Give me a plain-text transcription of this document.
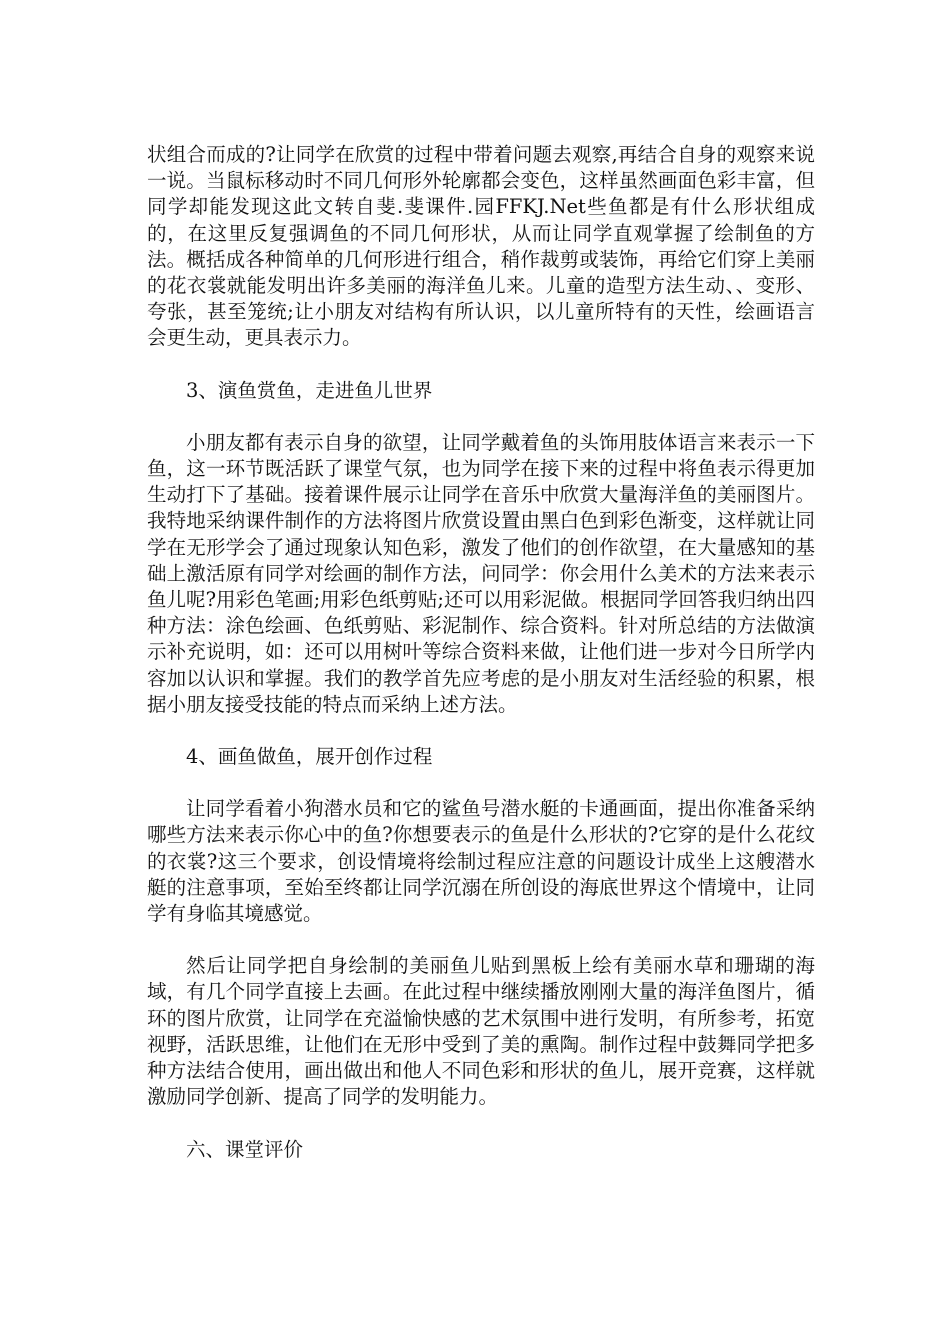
状组合而成的?让同学在欣赏的过程中带着问题去观察,再结合自身的观察来说一说。当鼠标移动时不同几何形外轮廓都会变色，这样虽然画面色彩丰富，但同学却能发现这此文转自斐.斐课件.园FFKJ.Net些鱼都是有什么形状组成的，在这里反复强调鱼的不同几何形状，从而让同学直观掌握了绘制鱼的方法。概括成各种简单的几何形进行组合，稍作裁剪或装饰，再给它们穿上美丽的花衣裳就能发明出许多美丽的海洋鱼儿来。儿童的造型方法生动、、变形、夸张，甚至笼统;让小朋友对结构有所认识，以儿童所特有的天性，绘画语言会更生动，更具表示力。

3、演鱼赏鱼，走进鱼儿世界

小朋友都有表示自身的欲望，让同学戴着鱼的头饰用肢体语言来表示一下鱼，这一环节既活跃了课堂气氛，也为同学在接下来的过程中将鱼表示得更加生动打下了基础。接着课件展示让同学在音乐中欣赏大量海洋鱼的美丽图片。我特地采纳课件制作的方法将图片欣赏设置由黑白色到彩色渐变，这样就让同学在无形学会了通过现象认知色彩，激发了他们的创作欲望，在大量感知的基础上激活原有同学对绘画的制作方法，问同学：你会用什么美术的方法来表示鱼儿呢?用彩色笔画;用彩色纸剪贴;还可以用彩泥做。根据同学回答我归纳出四种方法：涂色绘画、色纸剪贴、彩泥制作、综合资料。针对所总结的方法做演示补充说明，如：还可以用树叶等综合资料来做，让他们进一步对今日所学内容加以认识和掌握。我们的教学首先应考虑的是小朋友对生活经验的积累，根据小朋友接受技能的特点而采纳上述方法。

4、画鱼做鱼，展开创作过程

让同学看着小狗潜水员和它的鲨鱼号潜水艇的卡通画面，提出你准备采纳哪些方法来表示你心中的鱼?你想要表示的鱼是什么形状的?它穿的是什么花纹的衣裳?这三个要求，创设情境将绘制过程应注意的问题设计成坐上这艘潜水艇的注意事项，至始至终都让同学沉溺在所创设的海底世界这个情境中，让同学有身临其境感觉。

然后让同学把自身绘制的美丽鱼儿贴到黑板上绘有美丽水草和珊瑚的海域，有几个同学直接上去画。在此过程中继续播放刚刚大量的海洋鱼图片，循环的图片欣赏，让同学在充溢愉快感的艺术氛围中进行发明，有所参考，拓宽视野，活跃思维，让他们在无形中受到了美的熏陶。制作过程中鼓舞同学把多种方法结合使用，画出做出和他人不同色彩和形状的鱼儿，展开竞赛，这样就激励同学创新、提高了同学的发明能力。

六、课堂评价
